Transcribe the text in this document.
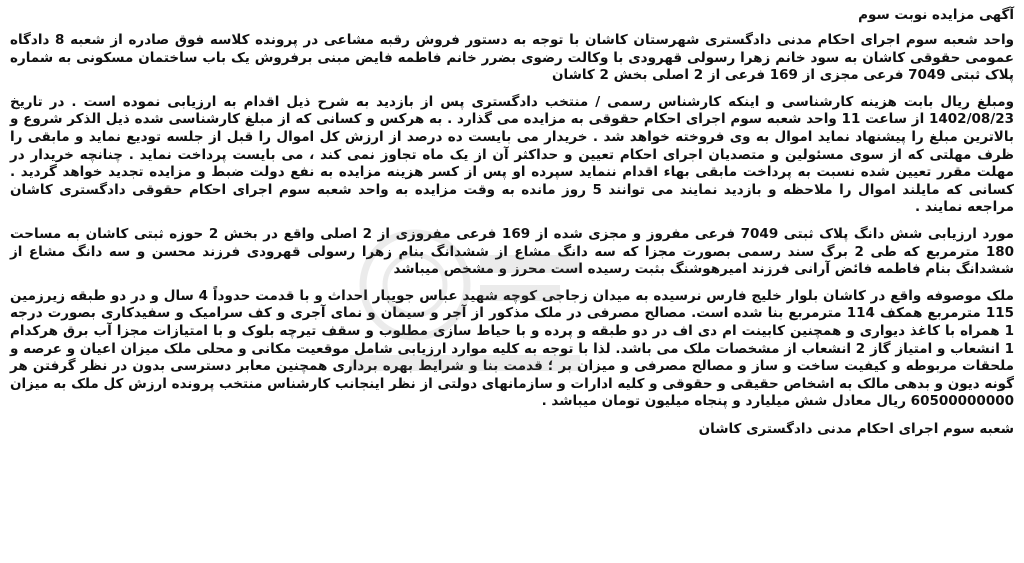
آگهی مزایده نوبت سوم

واحد شعبه سوم اجرای احکام مدنی دادگستری شهرستان کاشان با توجه به دستور فروش رقبه مشاعی در پرونده کلاسه فوق صادره از شعبه 8 دادگاه عمومی حقوقی کاشان به سود خانم زهرا رسولی قهرودی با وکالت رضوی بضرر خانم فاطمه فایض مبنی برفروش یک باب ساختمان مسکونی به شماره پلاک ثبتی 7049 فرعی مجزی از 169 فرعی از 2 اصلی بخش 2 کاشان

ومبلغ ریال بابت هزینه کارشناسی و اینکه کارشناس رسمی / منتخب دادگستری پس از بازدید به شرح ذیل اقدام به ارزیابی نموده است . در تاریخ 1402/08/23 از ساعت 11 واحد شعبه سوم اجرای احکام حقوقی به مزایده می گذارد . به هرکس و کسانی که از مبلغ کارشناسی شده ذیل الذکر شروع و بالاترین مبلغ را پیشنهاد نماید اموال به وی فروخته خواهد شد . خریدار می بایست ده درصد از ارزش کل اموال را قبل از جلسه تودیع نماید و مابقی را ظرف مهلتی که از سوی مسئولین و متصدیان اجرای احکام تعیین و حداکثر آن از یک ماه تجاوز نمی کند ، می بایست پرداخت نماید . چنانچه خریدار در مهلت مقرر تعیین شده نسبت به پرداخت مابقی بهاء اقدام ننماید سپرده او پس از کسر هزینه مزایده به نفع دولت ضبط و مزایده تجدید خواهد گردید . کسانی که مایلند اموال را ملاحظه و بازدید نمایند می توانند 5 روز مانده به وقت مزایده به واحد شعبه سوم اجرای احکام حقوقی دادگستری کاشان مراجعه نمایند .

مورد ارزیابی شش دانگ پلاک ثبتی 7049 فرعی مفروز و مجزی شده از 169 فرعی مفروزی از 2 اصلی واقع در بخش 2 حوزه ثبتی کاشان به مساحت 180 مترمربع که طی 2 برگ سند رسمی بصورت مجزا که سه دانگ مشاع از ششدانگ بنام زهرا رسولی قهرودی فرزند محسن و سه دانگ مشاع از ششدانگ بنام فاطمه فائض آرانی فرزند امیرهوشنگ بثبت رسیده است محرز و مشخص میباشد

ملک موصوفه واقع در کاشان بلوار خلیج فارس نرسیده به میدان زجاجی کوچه شهید عباس جویبار احداث و با قدمت حدوداً 4 سال و در دو طبقه زیرزمین 115 مترمربع همکف 114 مترمربع بنا شده است. مصالح مصرفی در ملک مذکور از آجر و سیمان و نمای آجری و کف سرامیک و سفیدکاری بصورت درجه 1 همراه با کاغذ دیواری و همچنین کابینت ام دی اف در دو طبقه و پرده و با حیاط سازی مطلوب و سقف تیرچه بلوک و با امتیازات مجزا آب برق هرکدام 1 انشعاب و امتیاز گاز 2 انشعاب از مشخصات ملک می باشد. لذا با توجه به کلیه موارد ارزیابی شامل موقعیت مکانی و محلی ملک میزان اعیان و عرصه و ملحقات مربوطه و کیفیت ساخت و ساز و مصالح مصرفی و میزان بر ؛ قدمت بنا و شرایط بهره برداری همچنین معابر دسترسی بدون در نظر گرفتن هر گونه دیون و بدهی مالک به اشخاص حقیقی و حقوقی و کلیه ادارات و سازمانهای دولتی از نظر اینجانب کارشناس منتخب پرونده ارزش کل ملک به میزان 60500000000 ریال معادل شش میلیارد و پنجاه میلیون تومان میباشد .

شعبه سوم اجرای احکام مدنی دادگستری کاشان
